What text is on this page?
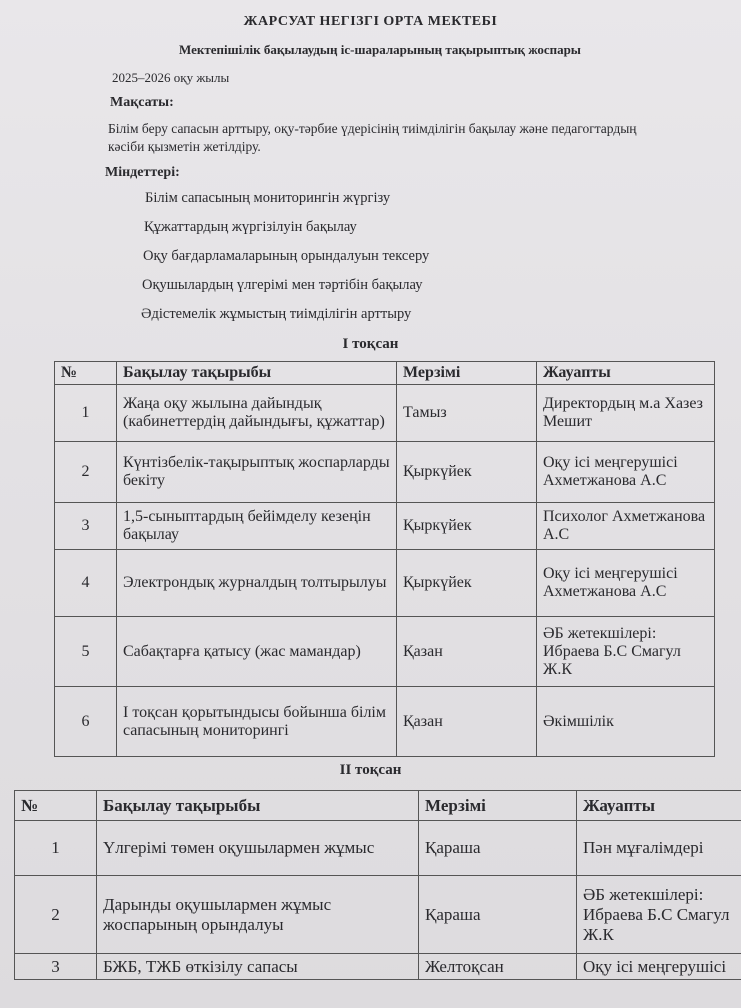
ЖАРСУАТ НЕГІЗГІ ОРТА МЕКТЕБІ
Мектепішілік бақылаудың іс-шараларының тақырыптық жоспары
2025–2026 оқу жылы
Мақсаты:
Білім беру сапасын арттыру, оқу-тәрбие үдерісінің тиімділігін бақылау және педагогтардың кәсіби қызметін жетілдіру.
Міндеттері:
Білім сапасының мониторингін жүргізу
Құжаттардың жүргізілуін бақылау
Оқу бағдарламаларының орындалуын тексеру
Оқушылардың үлгерімі мен тәртібін бақылау
Әдістемелік жұмыстың тиімділігін арттыру
І тоқсан
№	Бақылау тақырыбы	Мерзімі	Жауапты
1	Жаңа оқу жылына дайындық (кабинеттердің дайындығы, құжаттар)	Тамыз	Директордың м.а Хазез Мешит
2	Күнтізбелік-тақырыптық жоспарларды бекіту	Қыркүйек	Оқу ісі меңгерушісі Ахметжанова А.С
3	1,5-сыныптардың бейімделу кезеңін бақылау	Қыркүйек	Психолог Ахметжанова А.С
4	Электрондық журналдың толтырылуы	Қыркүйек	Оқу ісі меңгерушісі Ахметжанова А.С
5	Сабақтарға қатысу (жас мамандар)	Қазан	ӘБ жетекшілері: Ибраева Б.С Смагул Ж.К
6	І тоқсан қорытындысы бойынша білім сапасының мониторингі	Қазан	Әкімшілік
ІІ тоқсан
№	Бақылау тақырыбы	Мерзімі	Жауапты
1	Үлгерімі төмен оқушылармен жұмыс	Қараша	Пән мұғалімдері
2	Дарынды оқушылармен жұмыс жоспарының орындалуы	Қараша	ӘБ жетекшілері: Ибраева Б.С Смагул Ж.К
3	БЖБ, ТЖБ өткізілу сапасы	Желтоқсан	Оқу ісі меңгерушісі
